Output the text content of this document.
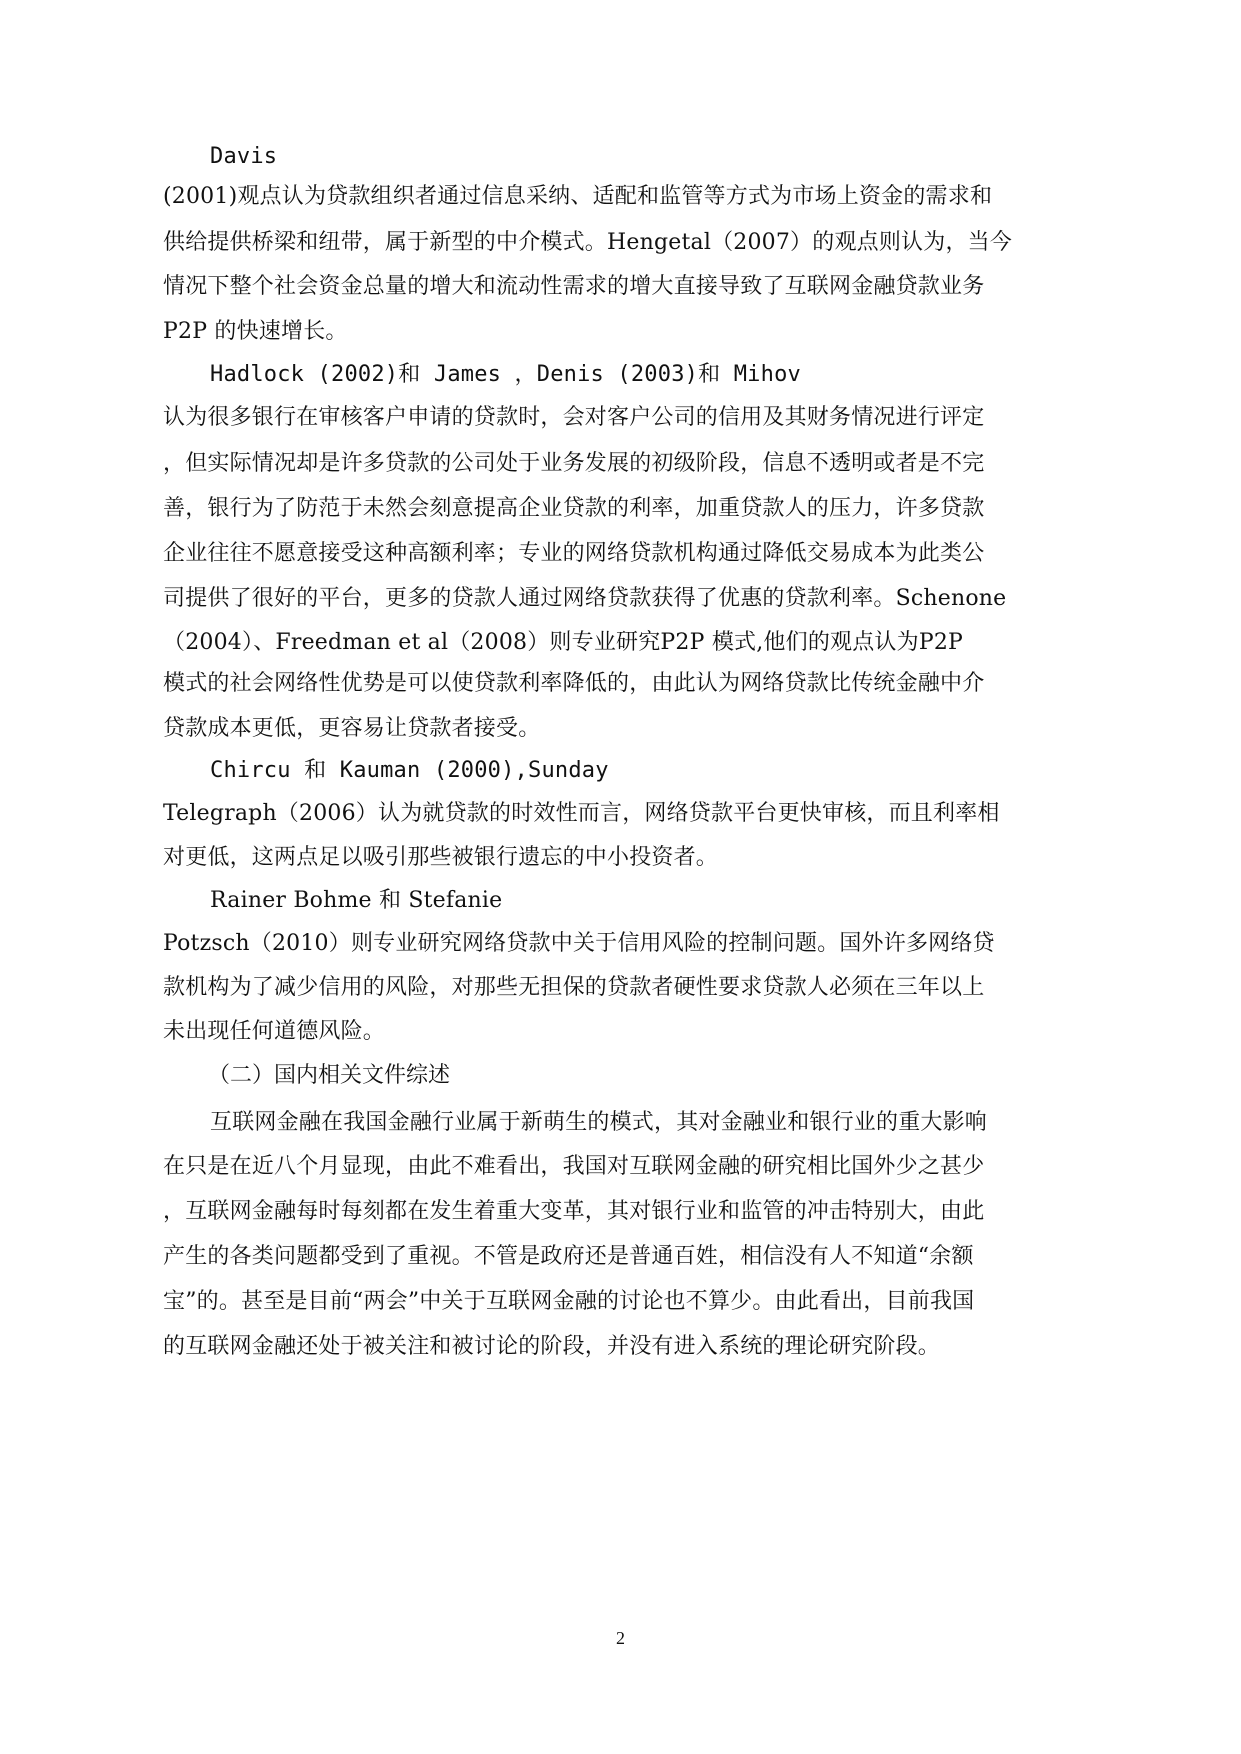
Davis
(2001)观点认为贷款组织者通过信息采纳、适配和监管等方式为市场上资金的需求和
供给提供桥梁和纽带，属于新型的中介模式。Hengetal（2007）的观点则认为，当今
情况下整个社会资金总量的增大和流动性需求的增大直接导致了互联网金融贷款业务
P2P 的快速增长。
Hadlock (2002)和 James ，Denis (2003)和 Mihov
认为很多银行在审核客户申请的贷款时，会对客户公司的信用及其财务情况进行评定
，但实际情况却是许多贷款的公司处于业务发展的初级阶段，信息不透明或者是不完
善，银行为了防范于未然会刻意提高企业贷款的利率，加重贷款人的压力，许多贷款
企业往往不愿意接受这种高额利率；专业的网络贷款机构通过降低交易成本为此类公
司提供了很好的平台，更多的贷款人通过网络贷款获得了优惠的贷款利率。Schenone
（2004）、Freedman et al（2008）则专业研究P2P 模式,他们的观点认为P2P
模式的社会网络性优势是可以使贷款利率降低的，由此认为网络贷款比传统金融中介
贷款成本更低，更容易让贷款者接受。
Chircu 和 Kauman (2000),Sunday
Telegraph（2006）认为就贷款的时效性而言，网络贷款平台更快审核，而且利率相
对更低，这两点足以吸引那些被银行遗忘的中小投资者。
Rainer Bohme 和 Stefanie
Potzsch（2010）则专业研究网络贷款中关于信用风险的控制问题。国外许多网络贷
款机构为了减少信用的风险，对那些无担保的贷款者硬性要求贷款人必须在三年以上
未出现任何道德风险。
（二）国内相关文件综述
互联网金融在我国金融行业属于新萌生的模式，其对金融业和银行业的重大影响
在只是在近八个月显现，由此不难看出，我国对互联网金融的研究相比国外少之甚少
，互联网金融每时每刻都在发生着重大变革，其对银行业和监管的冲击特别大，由此
产生的各类问题都受到了重视。不管是政府还是普通百姓，相信没有人不知道“余额
宝”的。甚至是目前“两会”中关于互联网金融的讨论也不算少。由此看出，目前我国
的互联网金融还处于被关注和被讨论的阶段，并没有进入系统的理论研究阶段。
2
